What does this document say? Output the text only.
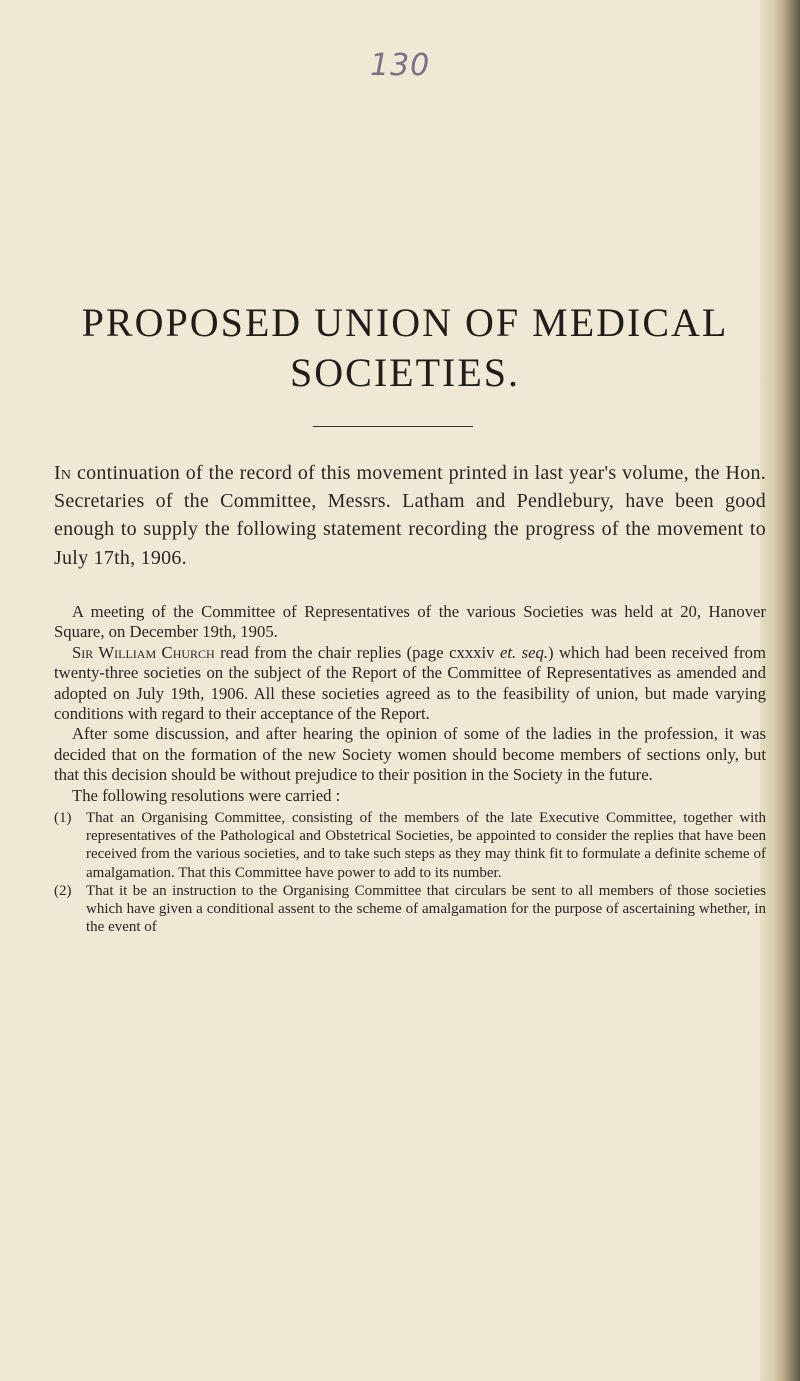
130
PROPOSED UNION OF MEDICAL
SOCIETIES.
In continuation of the record of this movement printed in last year's volume, the Hon. Secretaries of the Committee, Messrs. Latham and Pendlebury, have been good enough to supply the following statement recording the progress of the movement to July 17th, 1906.

A meeting of the Committee of Representatives of the various Societies was held at 20, Hanover Square, on December 19th, 1905.

Sir William Church read from the chair replies (page cxxxiv et. seq.) which had been received from twenty-three societies on the subject of the Report of the Committee of Representatives as amended and adopted on July 19th, 1906. All these societies agreed as to the feasibility of union, but made varying conditions with regard to their acceptance of the Report.

After some discussion, and after hearing the opinion of some of the ladies in the profession, it was decided that on the formation of the new Society women should become members of sections only, but that this decision should be without prejudice to their position in the Society in the future.

The following resolutions were carried :

(1) That an Organising Committee, consisting of the members of the late Executive Committee, together with representatives of the Pathological and Obstetrical Societies, be appointed to consider the replies that have been received from the various societies, and to take such steps as they may think fit to formulate a definite scheme of amalgamation. That this Committee have power to add to its number.
(2) That it be an instruction to the Organising Committee that circulars be sent to all members of those societies which have given a conditional assent to the scheme of amalgamation for the purpose of ascertaining whether, in the event of
